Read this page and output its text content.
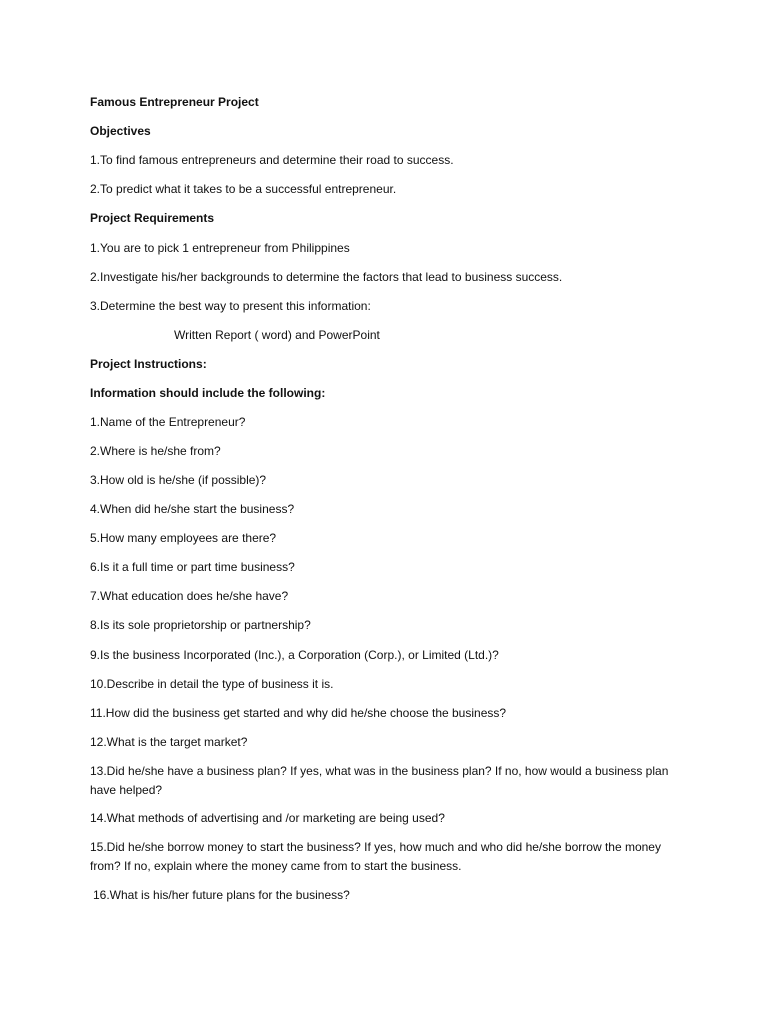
Famous Entrepreneur Project
Objectives
1.To find famous entrepreneurs and determine their road to success.
2.To predict what it takes to be a successful entrepreneur.
Project Requirements
1.You are to pick 1 entrepreneur from Philippines
2.Investigate his/her backgrounds to determine the factors that lead to business success.
3.Determine the best way to present this information:
Written Report ( word) and PowerPoint
Project Instructions:
Information should include the following:
1.Name of the Entrepreneur?
2.Where is he/she from?
3.How old is he/she (if possible)?
4.When did he/she start the business?
5.How many employees are there?
6.Is it a full time or part time business?
7.What education does he/she have?
8.Is its sole proprietorship or partnership?
9.Is the business Incorporated (Inc.), a Corporation (Corp.), or Limited (Ltd.)?
10.Describe in detail the type of business it is.
11.How did the business get started and why did he/she choose the business?
12.What is the target market?
13.Did he/she have a business plan? If yes, what was in the business plan? If no, how would a business plan have helped?
14.What methods of advertising and /or marketing are being used?
15.Did he/she borrow money to start the business? If yes, how much and who did he/she borrow the money from? If no, explain where the money came from to start the business.
16.What is his/her future plans for the business?
